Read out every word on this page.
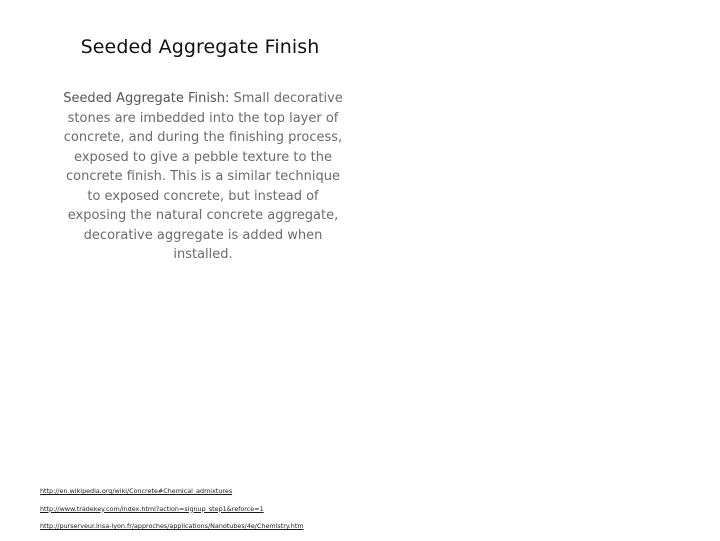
Seeded Aggregate Finish
Seeded Aggregate Finish: Small decorative stones are imbedded into the top layer of concrete, and during the finishing process, exposed to give a pebble texture to the concrete finish. This is a similar technique to exposed concrete, but instead of exposing the natural concrete aggregate, decorative aggregate is added when installed.
http://en.wikipedia.org/wiki/Concrete#Chemical_admixtures
http://www.tradekey.com/index.html?action=signup_step1&reforce=1
http://purserveur.insa-lyon.fr/approches/applications/Nanotubes/4e/Chemistry.htm
